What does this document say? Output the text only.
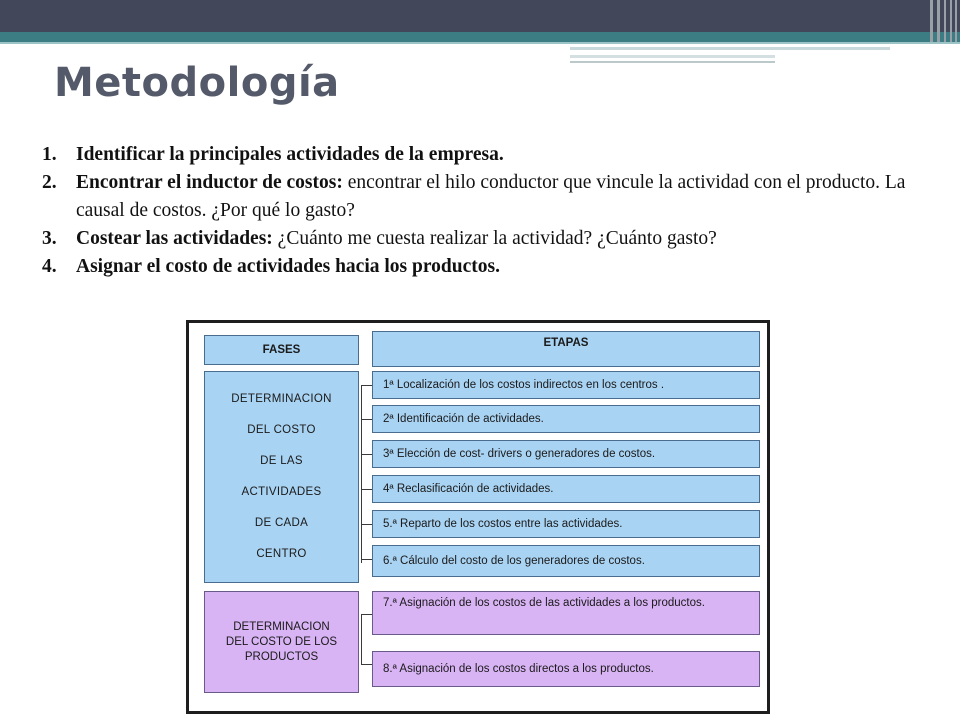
Metodología
1. Identificar la principales actividades de la empresa.
2. Encontrar el inductor de costos: encontrar el hilo conductor que vincule la actividad con el producto. La causal de costos. ¿Por qué lo gasto?
3. Costear las actividades: ¿Cuánto me cuesta realizar la actividad? ¿Cuánto gasto?
4. Asignar el costo de actividades hacia los productos.
FASES
ETAPAS
DETERMINACION
DEL COSTO
DE LAS
ACTIVIDADES
DE CADA
CENTRO
DETERMINACION
DEL COSTO DE LOS
PRODUCTOS
1ª Localización de los costos indirectos en los centros .
2ª Identificación de actividades.
3ª Elección de cost- drivers o generadores de costos.
4ª Reclasificación de actividades.
5.ª Reparto de los costos entre las actividades.
6.ª Cálculo del costo de los generadores de costos.
7.ª Asignación de los costos de las actividades a los productos.
8.ª Asignación de los costos directos a los productos.
